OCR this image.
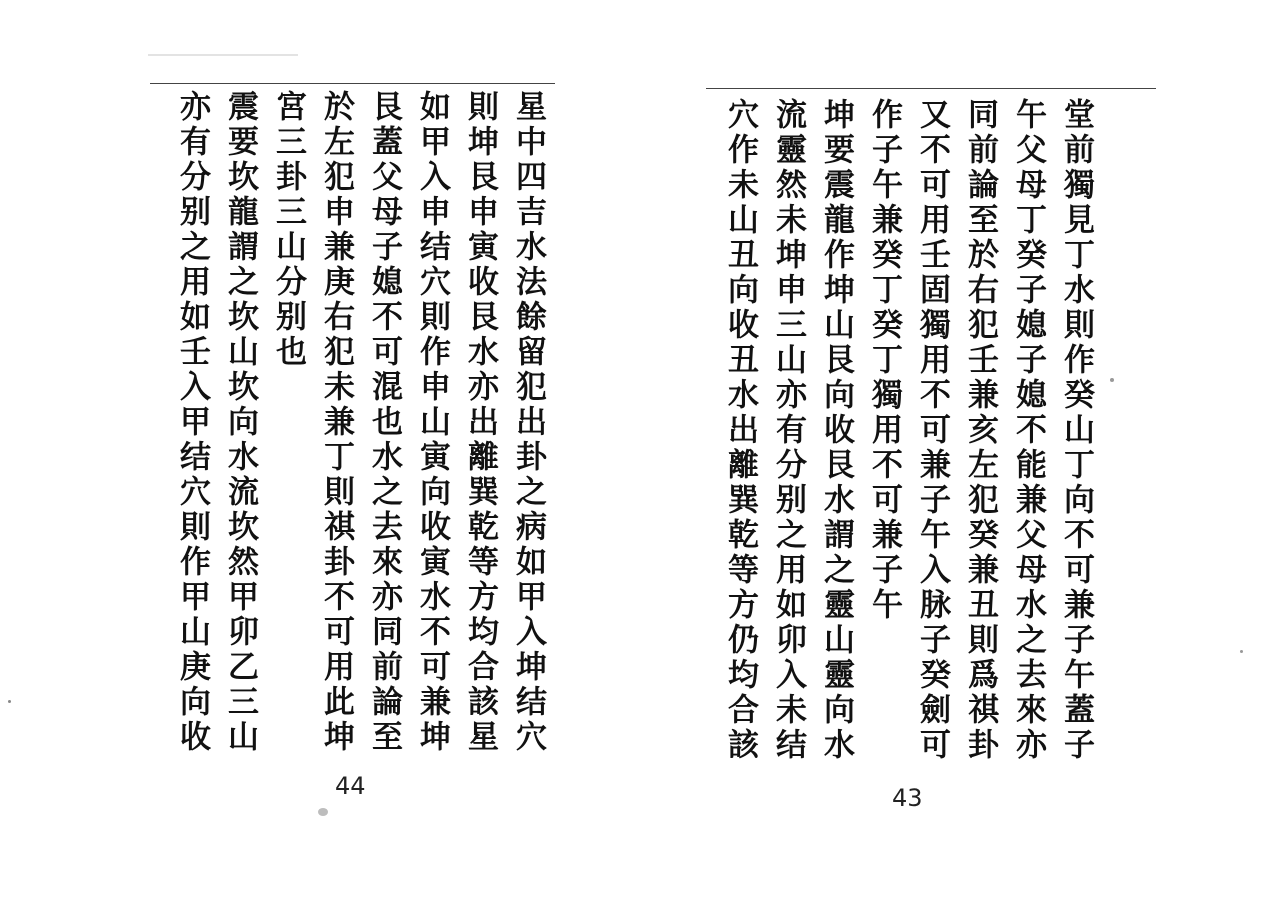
星中四吉水法餘留犯出卦之病如甲入坤结穴
則坤艮申寅收艮水亦出離巽乾等方均合該星
如甲入申结穴則作申山寅向收寅水不可兼坤
艮蓋父母子媳不可混也水之去來亦同前論至
於左犯申兼庚右犯未兼丁則祺卦不可用此坤
宮三卦三山分别也
震要坎龍謂之坎山坎向水流坎然甲卯乙三山
亦有分别之用如壬入甲结穴則作甲山庚向收
44
堂前獨見丁水則作癸山丁向不可兼子午蓋子
午父母丁癸子媳子媳不能兼父母水之去來亦
同前論至於右犯壬兼亥左犯癸兼丑則爲祺卦
又不可用壬固獨用不可兼子午入脉子癸劍可
作子午兼癸丁癸丁獨用不可兼子午
坤要震龍作坤山艮向收艮水謂之靈山靈向水
流靈然未坤申三山亦有分别之用如卯入未结
穴作未山丑向收丑水出離巽乾等方仍均合該
43
